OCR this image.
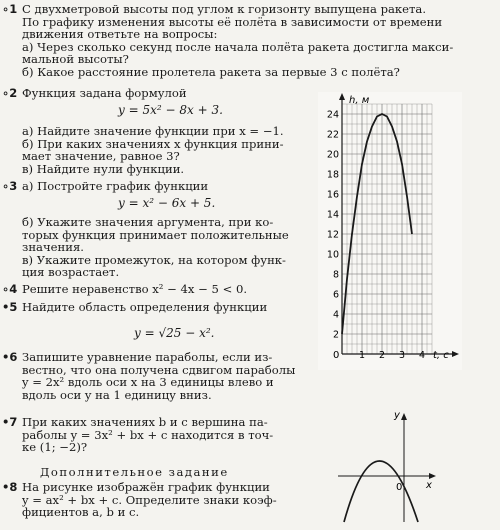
∘1 С двухметровой высоты под углом к горизонту выпущена ракета.
По графику изменения высоты её полёта в зависимости от времени
движения ответьте на вопросы:
а) Через сколько секунд после начала полёта ракета достигла макси-
мальной высоты?
б) Какое расстояние пролетела ракета за первые 3 с полёта?
∘2 Функция задана формулой
y = 5x² − 8x + 3.
а) Найдите значение функции при x = −1.
б) При каких значениях x функция прини-
мает значение, равное 3?
в) Найдите нули функции.
∘3 а) Постройте график функции
y = x² − 6x + 5.
б) Укажите значения аргумента, при ко-
торых функция принимает положительные
значения.
в) Укажите промежуток, на котором функ-
ция возрастает.
∘4 Решите неравенство x² − 4x − 5 < 0.
•5 Найдите область определения функции
y = √25 − x².
•6 Запишите уравнение параболы, если из-
вестно, что она получена сдвигом параболы
y = 2x² вдоль оси x на 3 единицы влево и
вдоль оси y на 1 единицу вниз.
•7 При каких значениях b и c вершина па-
раболы y = 3x² + bx + c находится в точ-
ке (1; −2)?
Дополнительное задание
•8 На рисунке изображён график функции
y = ax² + bx + c. Определите знаки коэф-
фициентов a, b и c.
2
4
6
8
10
12
14
16
18
20
22
24
1 2 3 4
h, м
t, с
0
y
x
0
